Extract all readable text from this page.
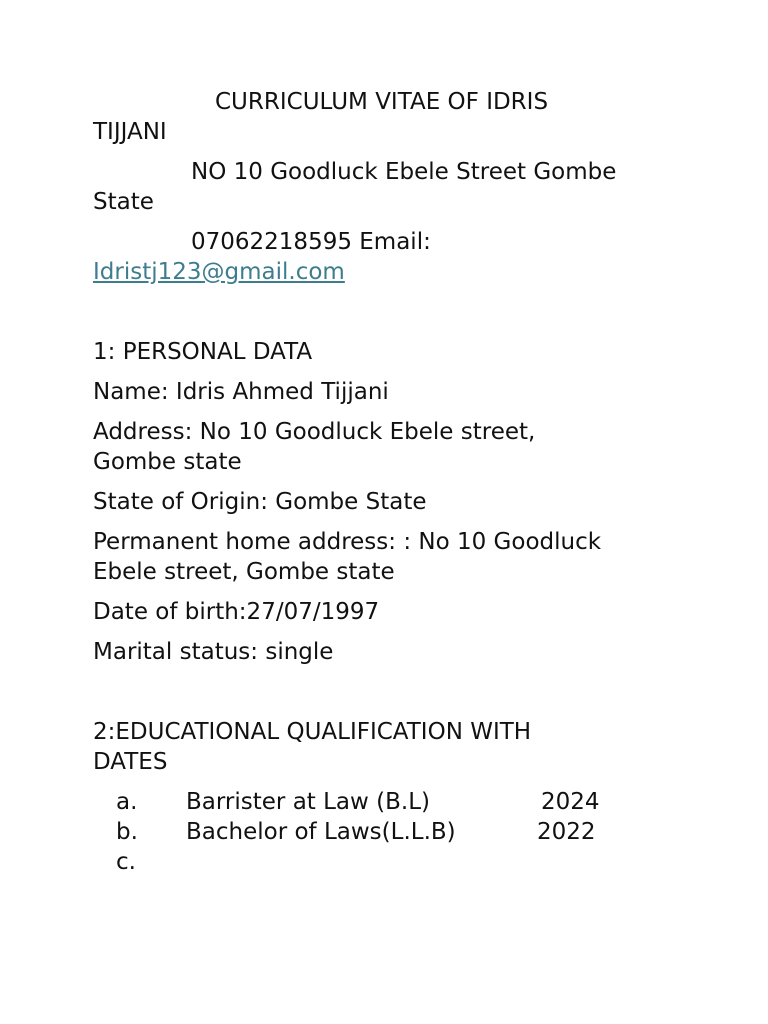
CURRICULUM VITAE OF IDRIS
TIJJANI
NO 10 Goodluck Ebele Street Gombe
State
07062218595 Email:
Idristj123@gmail.com
1: PERSONAL DATA
Name: Idris Ahmed Tijjani
Address: No 10 Goodluck Ebele street,
Gombe state
State of Origin: Gombe State
Permanent home address: : No 10 Goodluck
Ebele street, Gombe state
Date of birth:27/07/1997
Marital status: single
2:EDUCATIONAL QUALIFICATION WITH
DATES
a. Barrister at Law (B.L)	2024
b. Bachelor of Laws(L.L.B)	2022
c.
